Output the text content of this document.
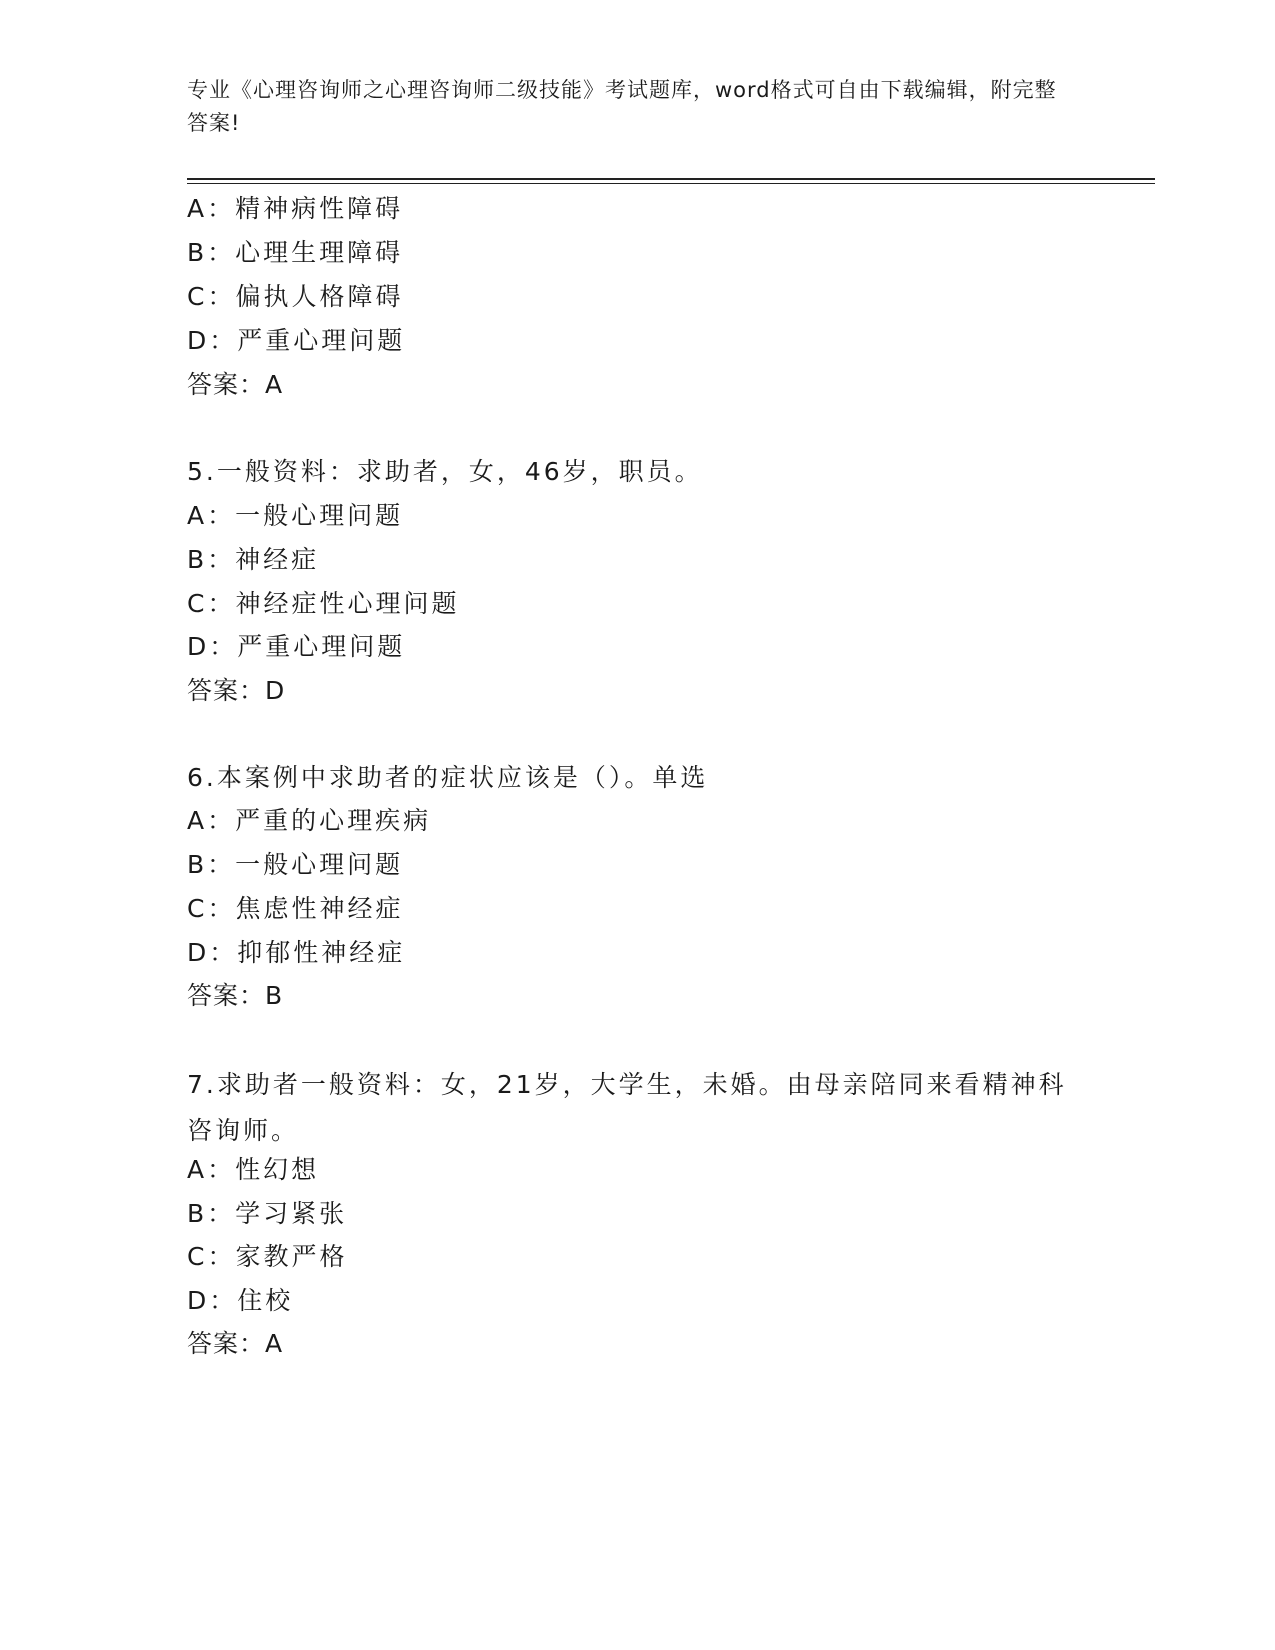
专业《心理咨询师之心理咨询师二级技能》考试题库，word格式可自由下载编辑，附完整答案!
A：精神病性障碍
B：心理生理障碍
C：偏执人格障碍
D：严重心理问题
答案：A
5.一般资料：求助者，女，46岁，职员。
A：一般心理问题
B：神经症
C：神经症性心理问题
D：严重心理问题
答案：D
6.本案例中求助者的症状应该是（）。单选
A：严重的心理疾病
B：一般心理问题
C：焦虑性神经症
D：抑郁性神经症
答案：B
7.求助者一般资料：女，21岁，大学生，未婚。由母亲陪同来看精神科咨询师。
A：性幻想
B：学习紧张
C：家教严格
D：住校
答案：A
